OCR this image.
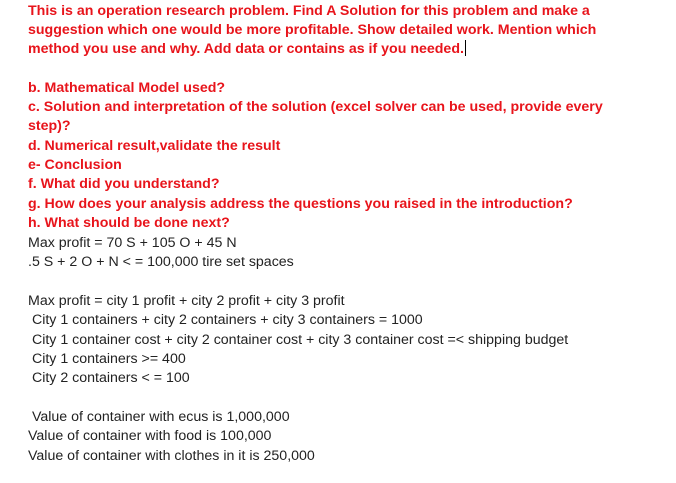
This is an operation research problem. Find A Solution for this problem and make a
suggestion which one would be more profitable. Show detailed work. Mention which
method you use and why. Add data or contains as if you needed.
b. Mathematical Model used?
c. Solution and interpretation of the solution (excel solver can be used, provide every
step)?
d. Numerical result,validate the result
e- Conclusion
f. What did you understand?
g. How does your analysis address the questions you raised in the introduction?
h. What should be done next?
Max profit = 70 S + 105 O + 45 N
.5 S + 2 O + N < = 100,000 tire set spaces
Max profit = city 1 profit + city 2 profit + city 3 profit
City 1 containers + city 2 containers + city 3 containers = 1000
City 1 container cost + city 2 container cost + city 3 container cost =< shipping budget
City 1 containers >= 400
City 2 containers < = 100
Value of container with ecus is 1,000,000
Value of container with food is 100,000
Value of container with clothes in it is 250,000
